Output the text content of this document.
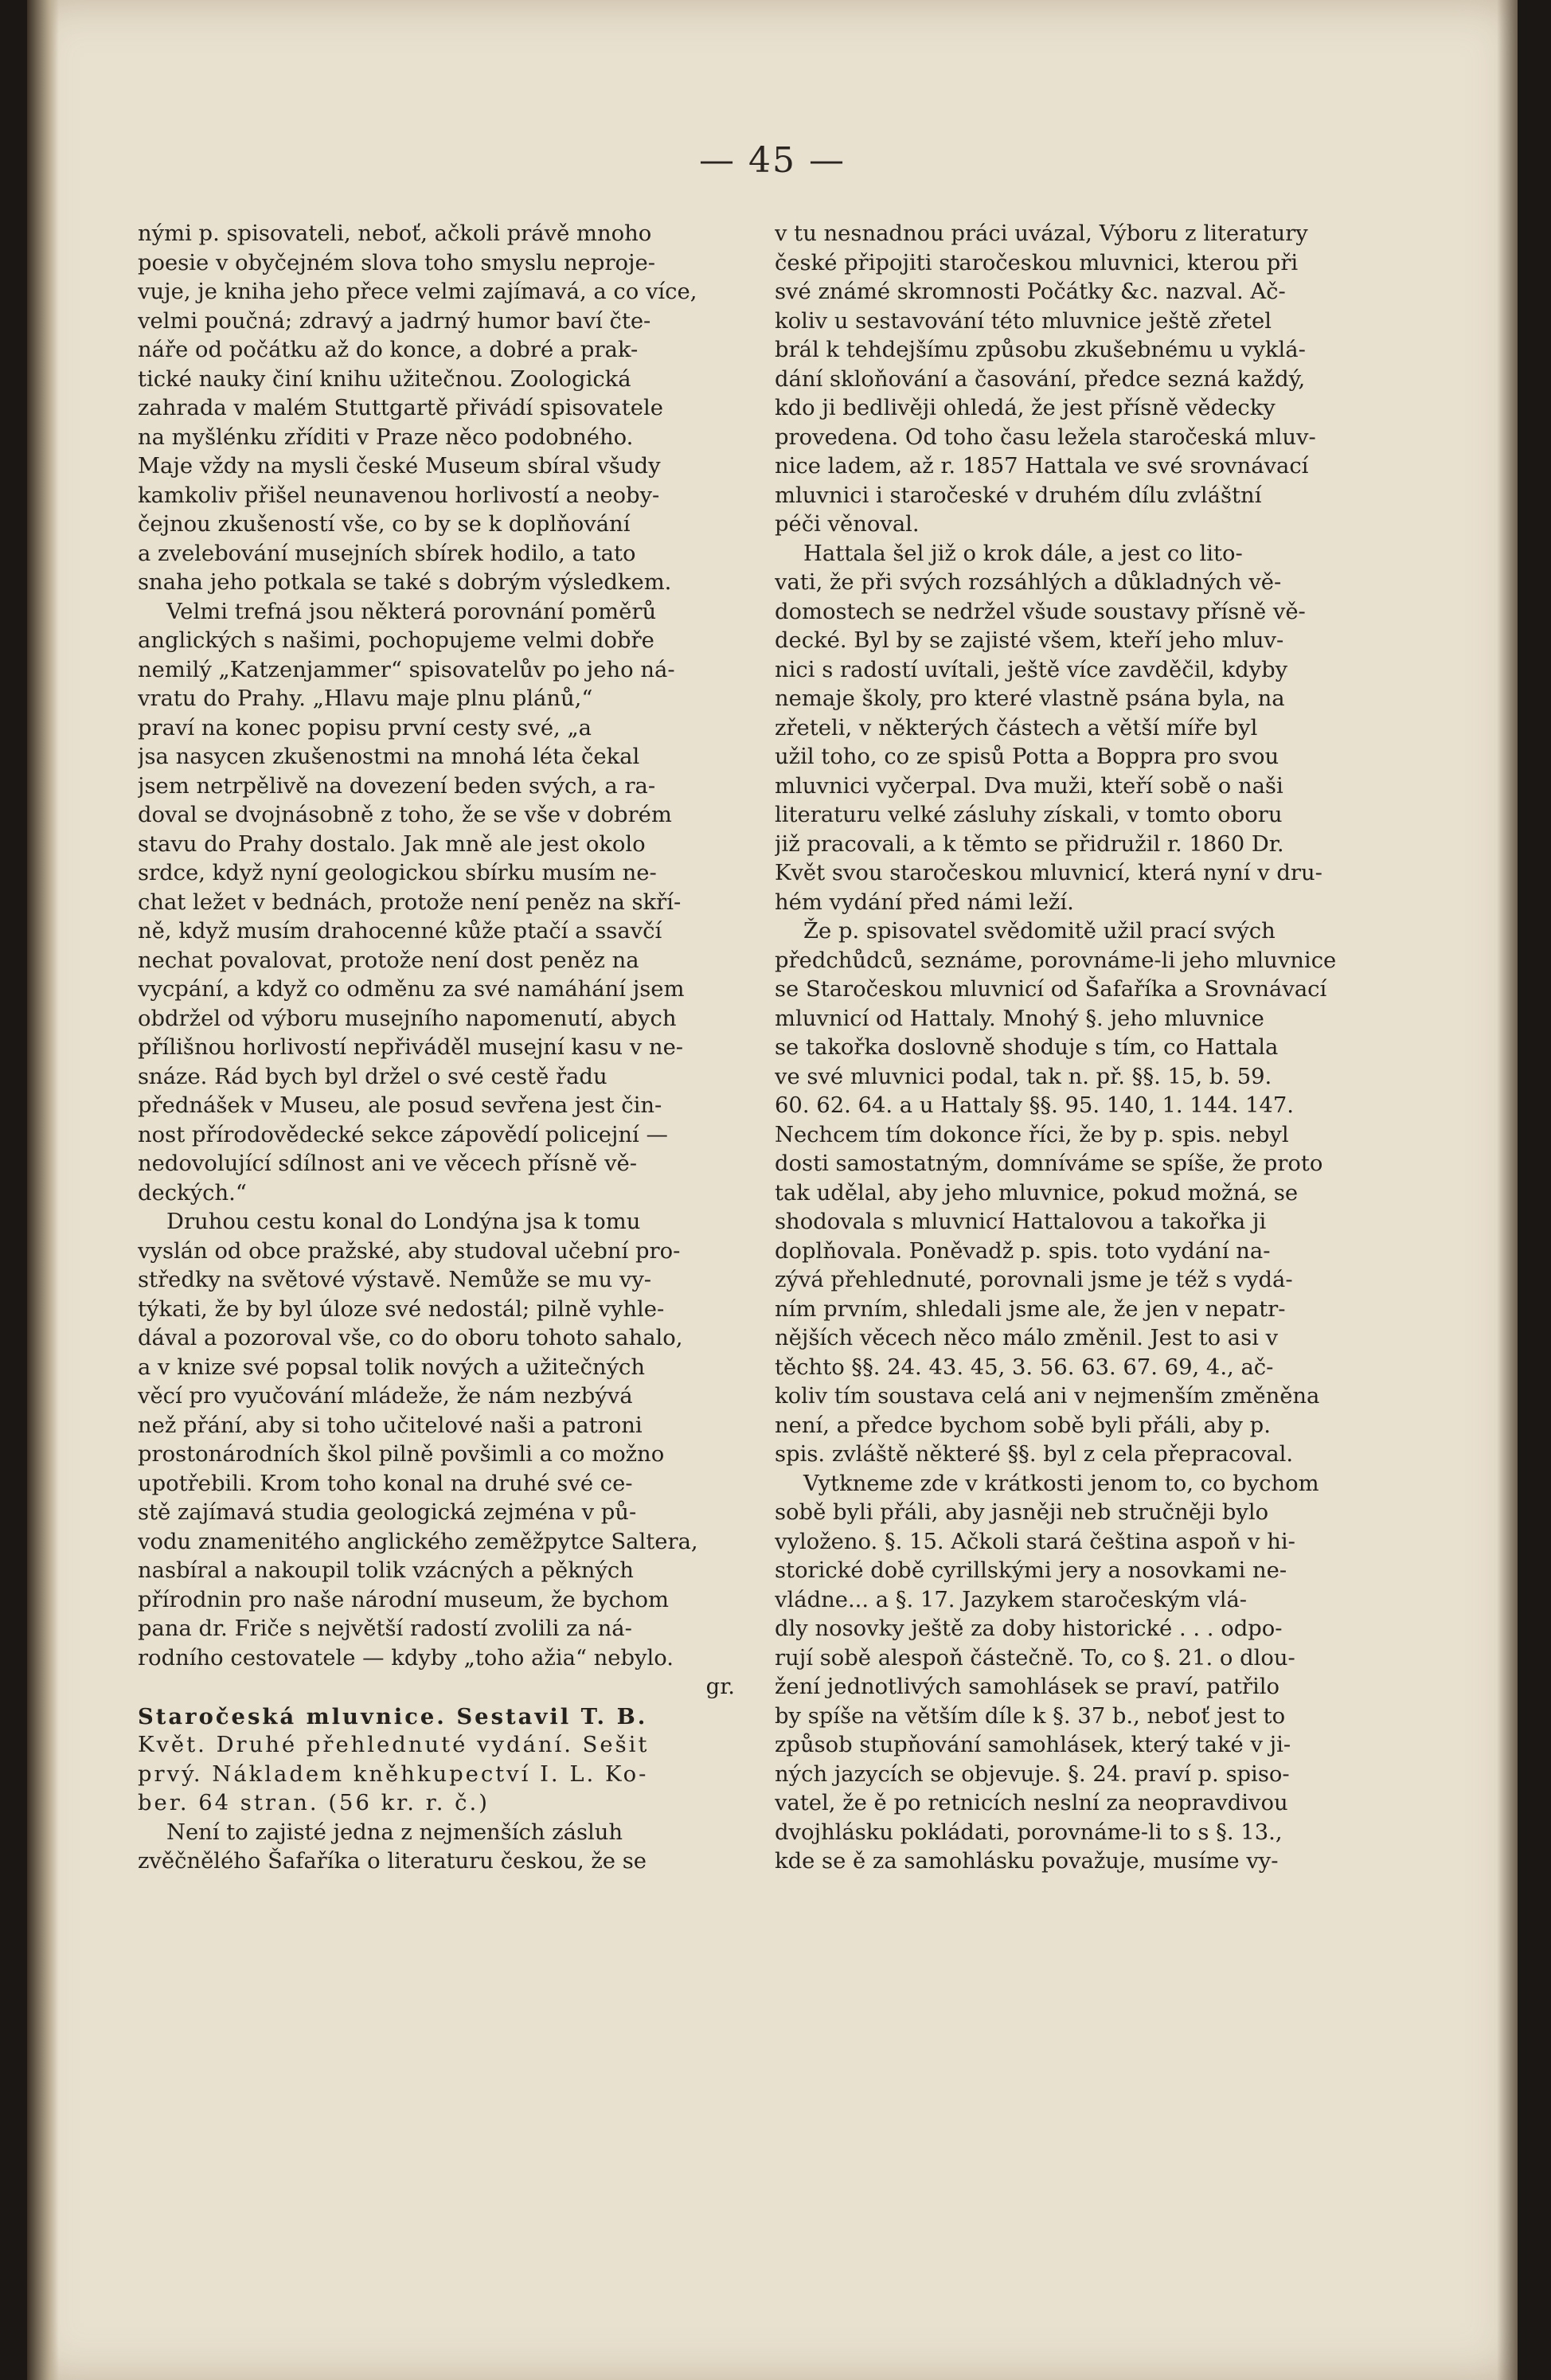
— 45 —
nými p. spisovateli, neboť, ačkoli právě mnoho
poesie v obyčejném slova toho smyslu neproje-
vuje, je kniha jeho přece velmi zajímavá, a co více,
velmi poučná; zdravý a jadrný humor baví čte-
náře od počátku až do konce, a dobré a prak-
tické nauky činí knihu užitečnou. Zoologická
zahrada v malém Stuttgartě přivádí spisovatele
na myšlénku zříditi v Praze něco podobného.
Maje vždy na mysli české Museum sbíral všudy
kamkoliv přišel neunavenou horlivostí a neoby-
čejnou zkušeností vše, co by se k doplňování
a zvelebování musejních sbírek hodilo, a tato
snaha jeho potkala se také s dobrým výsledkem.
Velmi trefná jsou některá porovnání poměrů
anglických s našimi, pochopujeme velmi dobře
nemilý „Katzenjammer“ spisovatelův po jeho ná-
vratu do Prahy. „Hlavu maje plnu plánů,“
praví na konec popisu první cesty své, „a
jsa nasycen zkušenostmi na mnohá léta čekal
jsem netrpělivě na dovezení beden svých, a ra-
doval se dvojnásobně z toho, že se vše v dobrém
stavu do Prahy dostalo. Jak mně ale jest okolo
srdce, když nyní geologickou sbírku musím ne-
chat ležet v bednách, protože není peněz na skří-
ně, když musím drahocenné kůže ptačí a ssavčí
nechat povalovat, protože není dost peněz na
vycpání, a když co odměnu za své namáhání jsem
obdržel od výboru musejního napomenutí, abych
přílišnou horlivostí nepřiváděl musejní kasu v ne-
snáze. Rád bych byl držel o své cestě řadu
přednášek v Museu, ale posud sevřena jest čin-
nost přírodovědecké sekce zápovědí policejní —
nedovolující sdílnost ani ve věcech přísně vě-
deckých.“
Druhou cestu konal do Londýna jsa k tomu
vyslán od obce pražské, aby studoval učební pro-
středky na světové výstavě. Nemůže se mu vy-
týkati, že by byl úloze své nedostál; pilně vyhle-
dával a pozoroval vše, co do oboru tohoto sahalo,
a v knize své popsal tolik nových a užitečných
věcí pro vyučování mládeže, že nám nezbývá
než přání, aby si toho učitelové naši a patroni
prostonárodních škol pilně povšimli a co možno
upotřebili. Krom toho konal na druhé své ce-
stě zajímavá studia geologická zejména v pů-
vodu znamenitého anglického zeměžpytce Saltera,
nasbíral a nakoupil tolik vzácných a pěkných
přírodnin pro naše národní museum, že bychom
pana dr. Friče s největší radostí zvolili za ná-
rodního cestovatele — kdyby „toho ažia“ nebylo.
gr.
Staročeská mluvnice. Sestavil T. B.
Květ. Druhé přehlednuté vydání. Sešit
prvý. Nákladem kněhkupectví I. L. Ko-
ber. 64 stran. (56 kr. r. č.)
Není to zajisté jedna z nejmenších zásluh
zvěčnělého Šafaříka o literaturu českou, že se
v tu nesnadnou práci uvázal, Výboru z literatury
české připojiti staročeskou mluvnici, kterou při
své známé skromnosti Počátky &c. nazval. Ač-
koliv u sestavování této mluvnice ještě zřetel
brál k tehdejšímu způsobu zkušebnému u vyklá-
dání skloňování a časování, předce sezná každý,
kdo ji bedlivěji ohledá, že jest přísně vědecky
provedena. Od toho času ležela staročeská mluv-
nice ladem, až r. 1857 Hattala ve své srovnávací
mluvnici i staročeské v druhém dílu zvláštní
péči věnoval.
Hattala šel již o krok dále, a jest co lito-
vati, že při svých rozsáhlých a důkladných vě-
domostech se nedržel všude soustavy přísně vě-
decké. Byl by se zajisté všem, kteří jeho mluv-
nici s radostí uvítali, ještě více zavděčil, kdyby
nemaje školy, pro které vlastně psána byla, na
zřeteli, v některých částech a větší míře byl
užil toho, co ze spisů Potta a Boppra pro svou
mluvnici vyčerpal. Dva muži, kteří sobě o naši
literaturu velké zásluhy získali, v tomto oboru
již pracovali, a k těmto se přidružil r. 1860 Dr.
Květ svou staročeskou mluvnicí, která nyní v dru-
hém vydání před námi leží.
Že p. spisovatel svědomitě užil prací svých
předchůdců, seznáme, porovnáme-li jeho mluvnice
se Staročeskou mluvnicí od Šafaříka a Srovnávací
mluvnicí od Hattaly. Mnohý §. jeho mluvnice
se takořka doslovně shoduje s tím, co Hattala
ve své mluvnici podal, tak n. př. §§. 15, b. 59.
60. 62. 64. a u Hattaly §§. 95. 140, 1. 144. 147.
Nechcem tím dokonce říci, že by p. spis. nebyl
dosti samostatným, domníváme se spíše, že proto
tak udělal, aby jeho mluvnice, pokud možná, se
shodovala s mluvnicí Hattalovou a takořka ji
doplňovala. Poněvadž p. spis. toto vydání na-
zývá přehlednuté, porovnali jsme je též s vydá-
ním prvním, shledali jsme ale, že jen v nepatr-
nějších věcech něco málo změnil. Jest to asi v
těchto §§. 24. 43. 45, 3. 56. 63. 67. 69, 4., ač-
koliv tím soustava celá ani v nejmenším změněna
není, a předce bychom sobě byli přáli, aby p.
spis. zvláště některé §§. byl z cela přepracoval.
Vytkneme zde v krátkosti jenom to, co bychom
sobě byli přáli, aby jasněji neb stručněji bylo
vyloženo. §. 15. Ačkoli stará čeština aspoň v hi-
storické době cyrillskými jery a nosovkami ne-
vládne... a §. 17. Jazykem staročeským vlá-
dly nosovky ještě za doby historické . . . odpo-
rují sobě alespoň částečně. To, co §. 21. o dlou-
žení jednotlivých samohlásek se praví, patřilo
by spíše na větším díle k §. 37 b., neboť jest to
způsob stupňování samohlásek, který také v ji-
ných jazycích se objevuje. §. 24. praví p. spiso-
vatel, že ě po retnicích neslní za neopravdivou
dvojhlásku pokládati, porovnáme-li to s §. 13.,
kde se ě za samohlásku považuje, musíme vy-
